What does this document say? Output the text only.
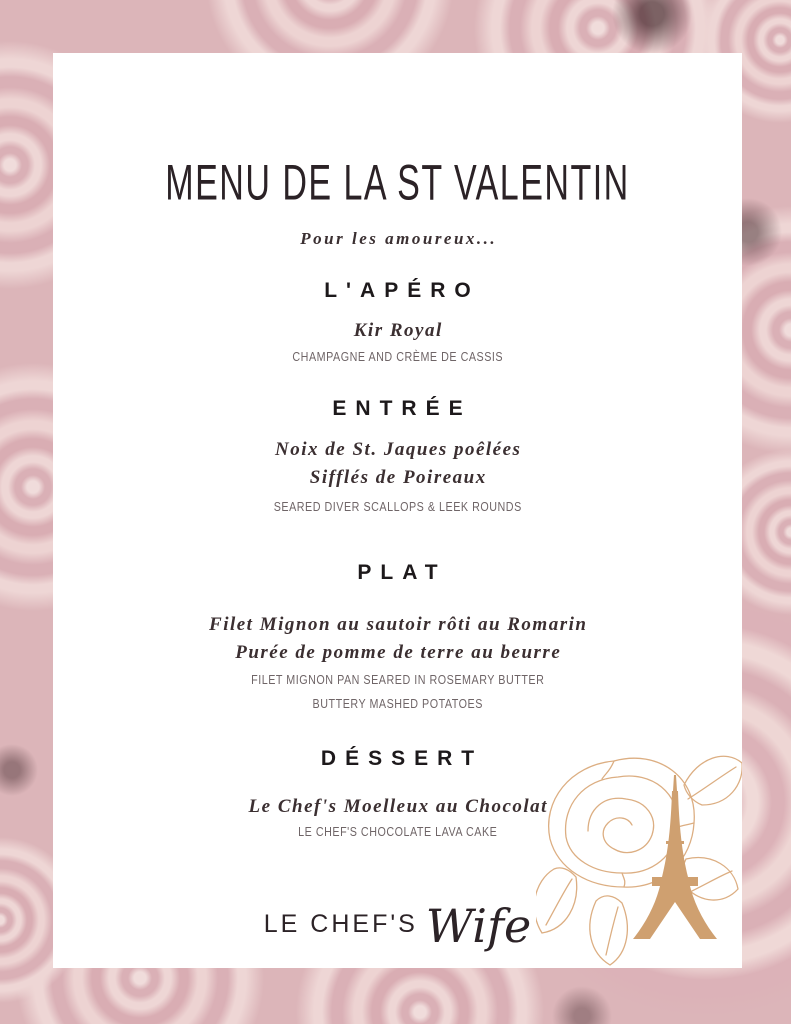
MENU DE LA ST VALENTIN
Pour les amoureux...
L'APÉRO
Kir Royal
CHAMPAGNE AND CRÈME DE CASSIS
ENTRÉE
Noix de St. Jaques poêlées
Sifflés de Poireaux
SEARED DIVER SCALLOPS & LEEK ROUNDS
PLAT
Filet Mignon au sautoir rôti au Romarin
Purée de pomme de terre au beurre
FILET MIGNON PAN SEARED IN ROSEMARY BUTTER
BUTTERY MASHED POTATOES
DÉSSERT
Le Chef's Moelleux au Chocolat
LE CHEF'S CHOCOLATE LAVA CAKE
LE CHEF'S Wife
